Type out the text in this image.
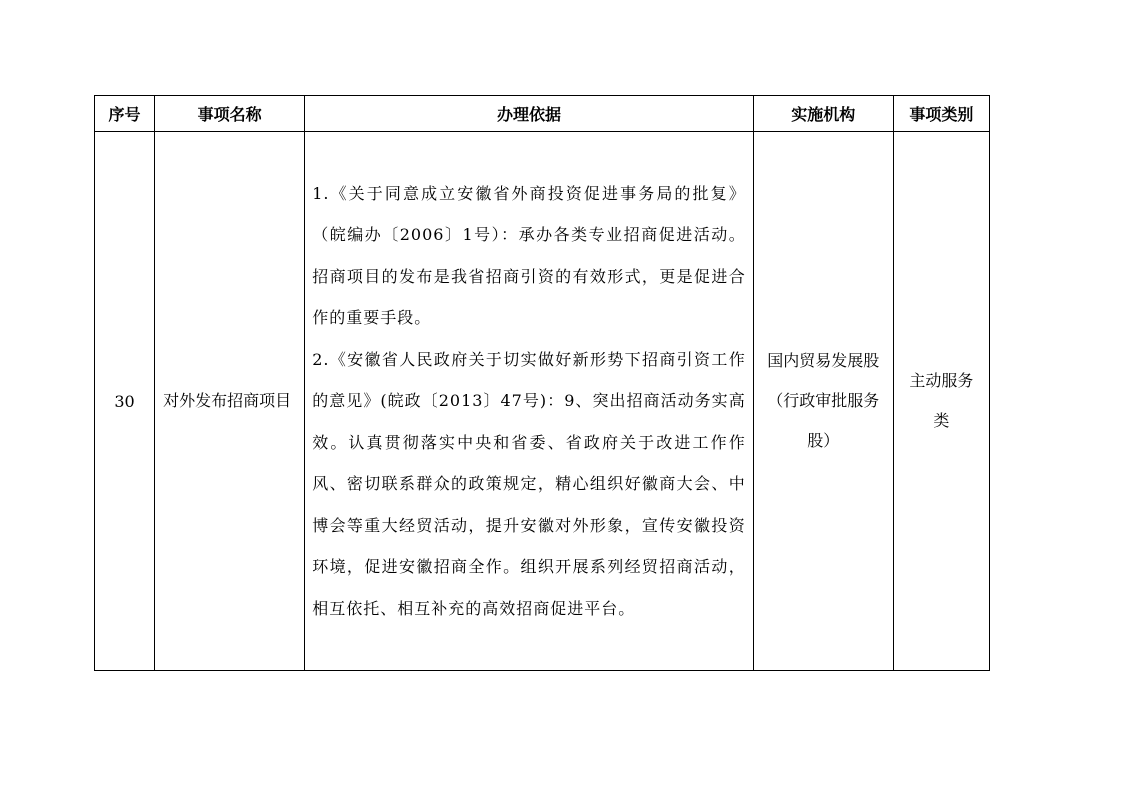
序号	事项名称	办理依据	实施机构	事项类别
30	对外发布招商项目	1.《关于同意成立安徽省外商投资促进事务局的批复》（皖编办〔2006〕1号）：承办各类专业招商促进活动。招商项目的发布是我省招商引资的有效形式，更是促进合作的重要手段。

2.《安徽省人民政府关于切实做好新形势下招商引资工作的意见》(皖政〔2013〕47号)：9、突出招商活动务实高效。认真贯彻落实中央和省委、省政府关于改进工作作风、密切联系群众的政策规定，精心组织好徽商大会、中博会等重大经贸活动，提升安徽对外形象，宣传安徽投资环境，促进安徽招商全作。组织开展系列经贸招商活动，相互依托、相互补充的高效招商促进平台。	国内贸易发展股（行政审批服务股）	主动服务类
